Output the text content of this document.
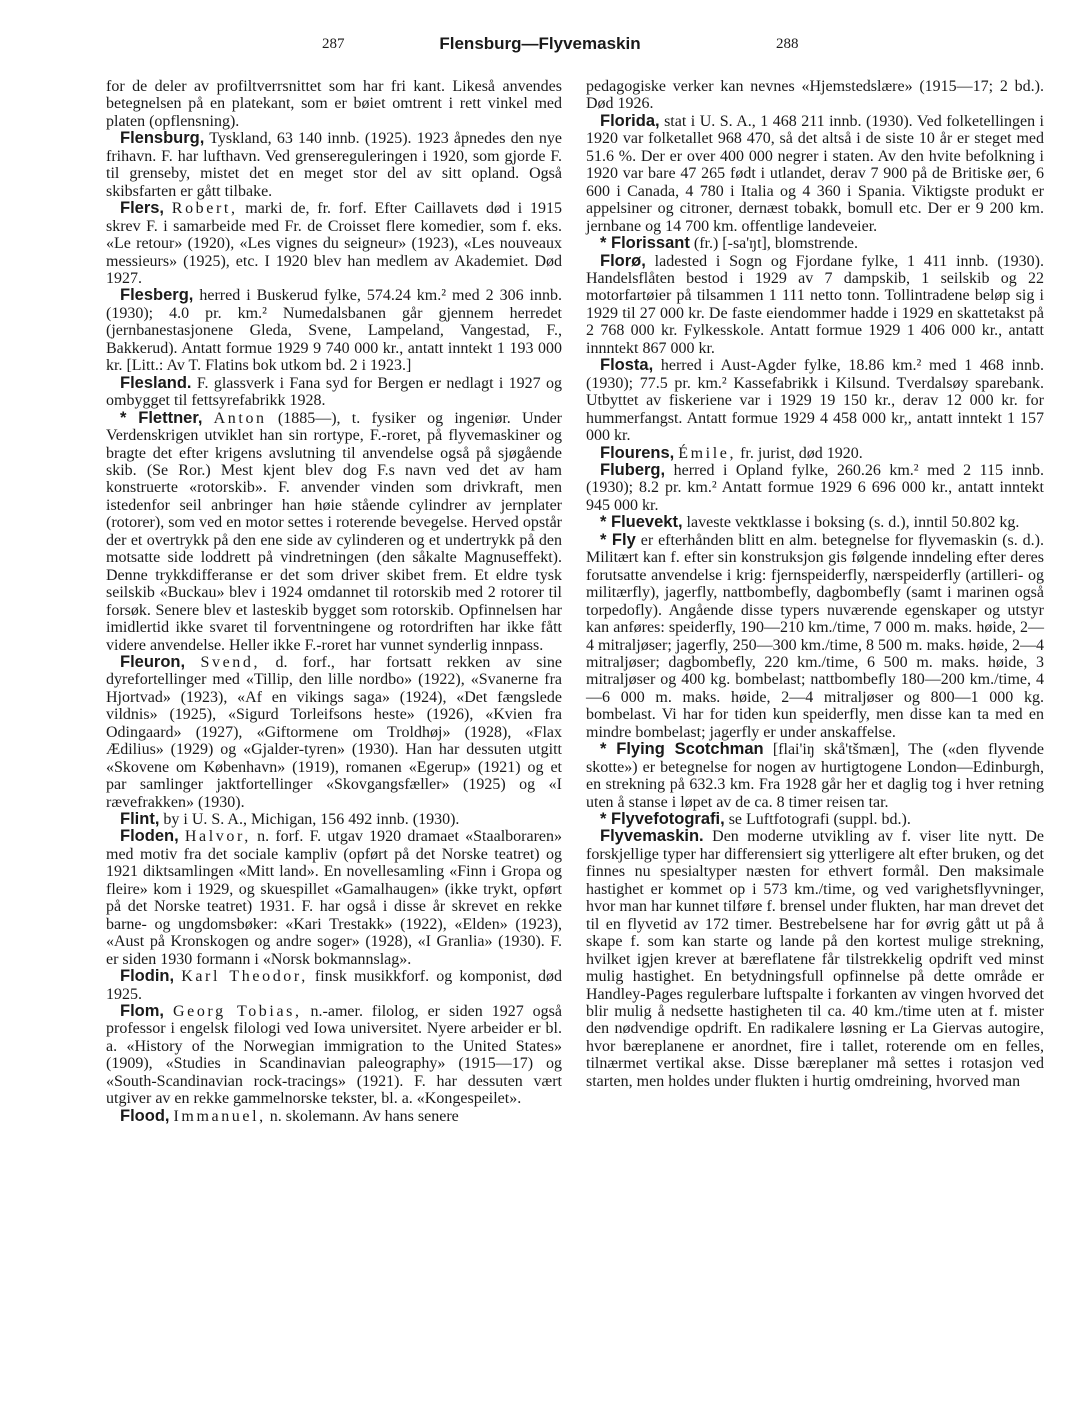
287	Flensburg—Flyvemaskin	288

for de deler av profiltverrsnittet som har fri kant. Likeså anvendes betegnelsen på en platekant, som er bøiet omtrent i rett vinkel med platen (opflensning).

Flensburg, Tyskland, 63 140 innb. (1925). 1923 åpnedes den nye frihavn. F. har lufthavn. Ved grensereguleringen i 1920, som gjorde F. til grenseby, mistet det en meget stor del av sitt opland. Også skibsfarten er gått tilbake.

Flers, Robert, marki de, fr. forf. Efter Caillavets død i 1915 skrev F. i samarbeide med Fr. de Croisset flere komedier, som f. eks. «Le retour» (1920), «Les vignes du seigneur» (1923), «Les nouveaux messieurs» (1925), etc. I 1920 blev han medlem av Akademiet. Død 1927.

Flesberg, herred i Buskerud fylke, 574.24 km.² med 2 306 innb. (1930); 4.0 pr. km.² Numedalsbanen går gjennem herredet (jernbanestasjonene Gleda, Svene, Lampeland, Vangestad, F., Bakkerud). Antatt formue 1929 9 740 000 kr., antatt inntekt 1 193 000 kr. [Litt.: Av T. Flatins bok utkom bd. 2 i 1923.]

Flesland. F. glassverk i Fana syd for Bergen er nedlagt i 1927 og ombygget til fettsyrefabrikk 1928.

* Flettner, Anton (1885—), t. fysiker og ingeniør. Under Verdenskrigen utviklet han sin rortype, F.-roret, på flyvemaskiner og bragte det efter krigens avslutning til anvendelse også på sjøgående skib. (Se Ror.) Mest kjent blev dog F.s navn ved det av ham konstruerte «rotorskib». F. anvender vinden som drivkraft, men istedenfor seil anbringer han høie stående cylindrer av jernplater (rotorer), som ved en motor settes i roterende bevegelse. Herved opstår der et overtrykk på den ene side av cylinderen og et undertrykk på den motsatte side loddrett på vindretningen (den såkalte Magnuseffekt). Denne trykkdifferanse er det som driver skibet frem. Et eldre tysk seilskib «Buckau» blev i 1924 omdannet til rotorskib med 2 rotorer til forsøk. Senere blev et lasteskib bygget som rotorskib. Opfinnelsen har imidlertid ikke svaret til forventningene og rotordriften har ikke fått videre anvendelse. Heller ikke F.-roret har vunnet synderlig innpass.

Fleuron, Svend, d. forf., har fortsatt rekken av sine dyrefortellinger med «Tillip, den lille nordbo» (1922), «Svanerne fra Hjortvad» (1923), «Af en vikings saga» (1924), «Det fængslede vildnis» (1925), «Sigurd Torleifsons heste» (1926), «Kvien fra Odingaard» (1927), «Giftormene om Troldhøj» (1928), «Flax Ædilius» (1929) og «Gjalder-tyren» (1930). Han har dessuten utgitt «Skovene om København» (1919), romanen «Egerup» (1921) og et par samlinger jaktfortellinger «Skovgangsfæller» (1925) og «I rævefrakken» (1930).

Flint, by i U. S. A., Michigan, 156 492 innb. (1930).

Floden, Halvor, n. forf. F. utgav 1920 dramaet «Staalboraren» med motiv fra det sociale kampliv (opført på det Norske teatret) og 1921 diktsamlingen «Mitt land». En novellesamling «Finn i Gropa og fleire» kom i 1929, og skuespillet «Gamalhaugen» (ikke trykt, opført på det Norske teatret) 1931. F. har også i disse år skrevet en rekke barne- og ungdomsbøker: «Kari Trestakk» (1922), «Elden» (1923), «Aust på Kronskogen og andre soger» (1928), «I Granlia» (1930). F. er siden 1930 formann i «Norsk bokmannslag».

Flodin, Karl Theodor, finsk musikkforf. og komponist, død 1925.

Flom, Georg Tobias, n.-amer. filolog, er siden 1927 også professor i engelsk filologi ved Iowa universitet. Nyere arbeider er bl. a. «History of the Norwegian immigration to the United States» (1909), «Studies in Scandinavian paleography» (1915—17) og «South-Scandinavian rock-tracings» (1921). F. har dessuten vært utgiver av en rekke gammelnorske tekster, bl. a. «Kongespeilet».

Flood, Immanuel, n. skolemann. Av hans senere

pedagogiske verker kan nevnes «Hjemstedslære» (1915—17; 2 bd.). Død 1926.

Florida, stat i U. S. A., 1 468 211 innb. (1930). Ved folketellingen i 1920 var folketallet 968 470, så det altså i de siste 10 år er steget med 51.6 %. Der er over 400 000 negrer i staten. Av den hvite befolkning i 1920 var bare 47 265 født i utlandet, derav 7 900 på de Britiske øer, 6 600 i Canada, 4 780 i Italia og 4 360 i Spania. Viktigste produkt er appelsiner og citroner, dernæst tobakk, bomull etc. Der er 9 200 km. jernbane og 14 700 km. offentlige landeveier.

* Florissant (fr.) [-sa'ŋt], blomstrende.

Florø, ladested i Sogn og Fjordane fylke, 1 411 innb. (1930). Handelsflåten bestod i 1929 av 7 dampskib, 1 seilskib og 22 motorfartøier på tilsammen 1 111 netto tonn. Tollintradene beløp sig i 1929 til 27 000 kr. De faste eiendommer hadde i 1929 en skattetakst på 2 768 000 kr. Fylkesskole. Antatt formue 1929 1 406 000 kr., antatt innntekt 867 000 kr.

Flosta, herred i Aust-Agder fylke, 18.86 km.² med 1 468 innb. (1930); 77.5 pr. km.² Kassefabrikk i Kilsund. Tverdalsøy sparebank. Utbyttet av fiskeriene var i 1929 19 150 kr., derav 12 000 kr. for hummerfangst. Antatt formue 1929 4 458 000 kr,, antatt inntekt 1 157 000 kr.

Flourens, Émile, fr. jurist, død 1920.

Fluberg, herred i Opland fylke, 260.26 km.² med 2 115 innb. (1930); 8.2 pr. km.² Antatt formue 1929 6 696 000 kr., antatt inntekt 945 000 kr.

* Fluevekt, laveste vektklasse i boksing (s. d.), inntil 50.802 kg.

* Fly er efterhånden blitt en alm. betegnelse for flyvemaskin (s. d.). Militært kan f. efter sin konstruksjon gis følgende inndeling efter deres forutsatte anvendelse i krig: fjernspeiderfly, nærspeiderfly (artilleri- og militærfly), jagerfly, nattbombefly, dagbombefly (samt i marinen også torpedofly). Angående disse typers nuværende egenskaper og utstyr kan anføres: speiderfly, 190—210 km./time, 7 000 m. maks. høide, 2—4 mitraljøser; jagerfly, 250—300 km./time, 8 500 m. maks. høide, 2—4 mitraljøser; dagbombefly, 220 km./time, 6 500 m. maks. høide, 3 mitraljøser og 400 kg. bombelast; nattbombefly 180—200 km./time, 4—6 000 m. maks. høide, 2—4 mitraljøser og 800—1 000 kg. bombelast. Vi har for tiden kun speiderfly, men disse kan ta med en mindre bombelast; jagerfly er under anskaffelse.

* Flying Scotchman [flai'iŋ skå'tšmæn], The («den flyvende skotte») er betegnelse for nogen av hurtigtogene London—Edinburgh, en strekning på 632.3 km. Fra 1928 går her et daglig tog i hver retning uten å stanse i løpet av de ca. 8 timer reisen tar.

* Flyvefotografi, se Luftfotografi (suppl. bd.).

Flyvemaskin. Den moderne utvikling av f. viser lite nytt. De forskjellige typer har differensiert sig ytterligere alt efter bruken, og det finnes nu spesialtyper næsten for ethvert formål. Den maksimale hastighet er kommet op i 573 km./time, og ved varighetsflyvninger, hvor man har kunnet tilføre f. brensel under flukten, har man drevet det til en flyvetid av 172 timer. Bestrebelsene har for øvrig gått ut på å skape f. som kan starte og lande på den kortest mulige strekning, hvilket igjen krever at bæreflatene får tilstrekkelig opdrift ved minst mulig hastighet. En betydningsfull opfinnelse på dette område er Handley-Pages regulerbare luftspalte i forkanten av vingen hvorved det blir mulig å nedsette hastigheten til ca. 40 km./time uten at f. mister den nødvendige opdrift. En radikalere løsning er La Giervas autogire, hvor bæreplanene er anordnet, fire i tallet, roterende om en felles, tilnærmet vertikal akse. Disse bæreplaner må settes i rotasjon ved starten, men holdes under flukten i hurtig omdreining, hvorved man
